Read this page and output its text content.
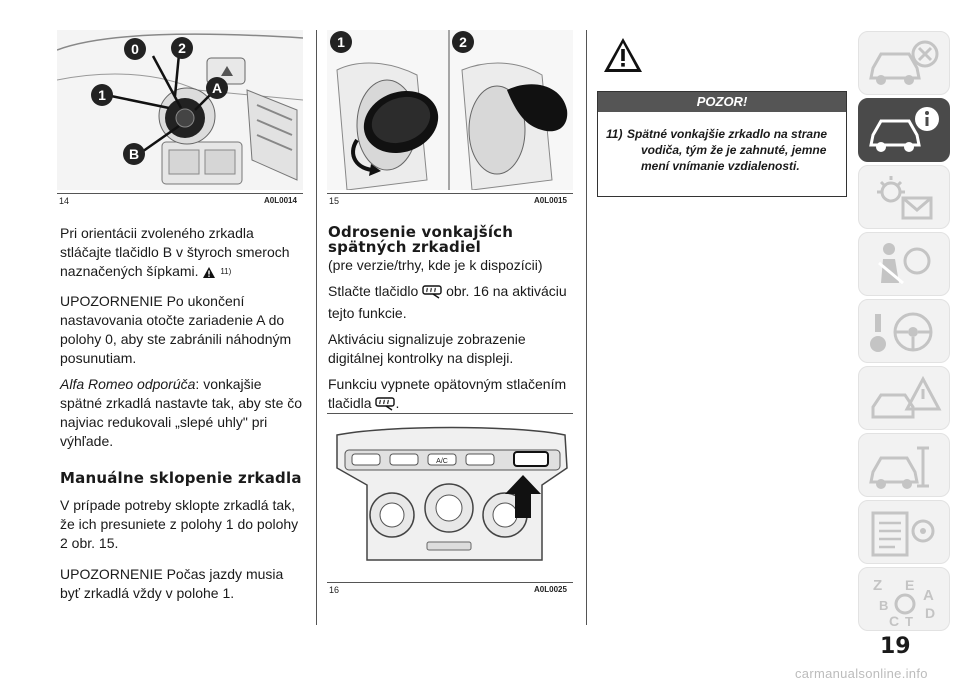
0	2
1	A
B
14	A0L0014
1	2
15	A0L0015

Pri orientácii zvoleného zrkadla stláčajte tlačidlo B v štyroch smeroch naznačených šípkami.	11)

UPOZORNENIE Po ukončení nastavovania otočte zariadenie A do polohy 0, aby ste zabránili náhodným posunutiam.

Alfa Romeo odporúča: vonkajšie spätné zrkadlá nastavte tak, aby ste čo najviac redukovali „slepé uhly" pri výhľade.

Manuálne sklopenie zrkadla

V prípade potreby sklopte zrkadlá tak, že ich presuniete z polohy 1 do polohy 2 obr. 15.

UPOZORNENIE Počas jazdy musia byť zrkadlá vždy v polohe 1.

Odrosenie vonkajších spätných zrkadiel

(pre verzie/trhy, kde je k dispozícii)

Stlačte tlačidlo obr. 16 na aktiváciu tejto funkcie.

Aktiváciu signalizuje zobrazenie digitálnej kontrolky na displeji.

Funkciu vypnete opätovným stlačením tlačidla .

A/C
16	A0L0025
POZOR!
11) Spätné vonkajšie zrkadlo na strane vodiča, tým že je zahnuté, jemne mení vnímanie vzdialenosti.
Z
B
C
E
A
D
T
19
carmanualsonline.info
